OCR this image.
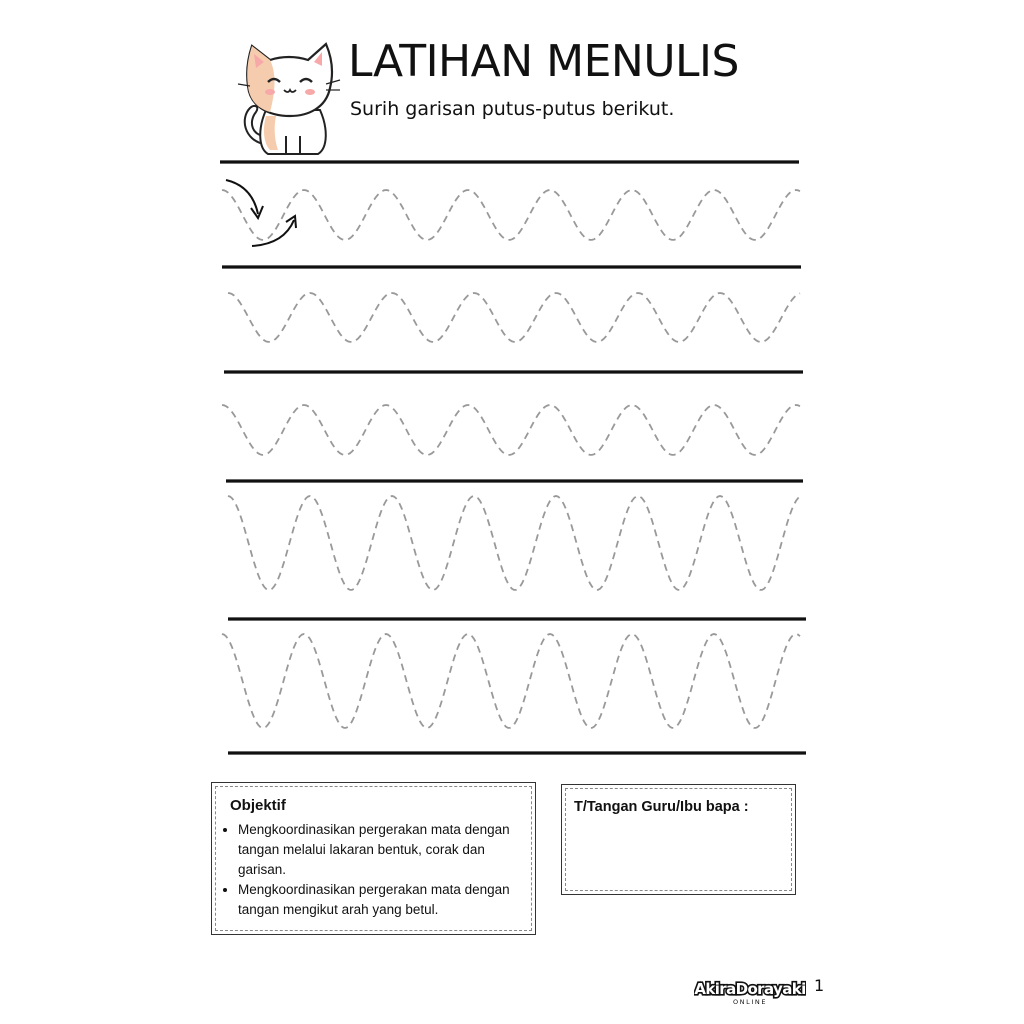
LATIHAN MENULIS

Surih garisan putus-putus berikut.

Objektif

• Mengkoordinasikan pergerakan mata dengan tangan melalui lakaran bentuk, corak dan garisan.
• Mengkoordinasikan pergerakan mata dengan tangan mengikut arah yang betul.

T/Tangan Guru/Ibu bapa :

AkiraDorayaki
ONLINE
1
